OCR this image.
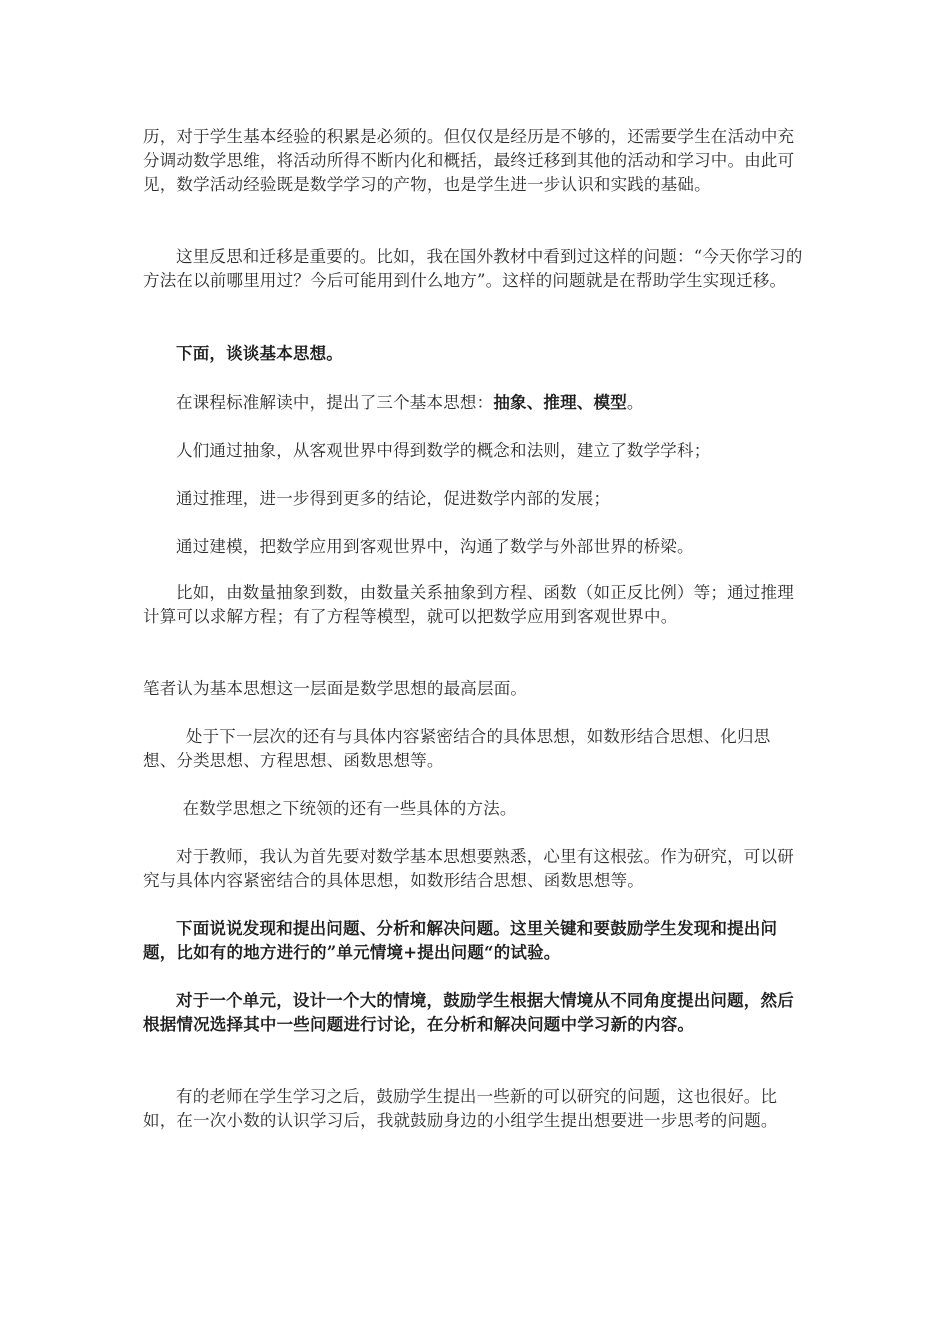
历，对于学生基本经验的积累是必须的。但仅仅是经历是不够的，还需要学生在活动中充分调动数学思维，将活动所得不断内化和概括，最终迁移到其他的活动和学习中。由此可见，数学活动经验既是数学学习的产物，也是学生进一步认识和实践的基础。

这里反思和迁移是重要的。比如，我在国外教材中看到过这样的问题：“今天你学习的方法在以前哪里用过？今后可能用到什么地方”。这样的问题就是在帮助学生实现迁移。

下面，谈谈基本思想。

在课程标准解读中，提出了三个基本思想：抽象、推理、模型。

人们通过抽象，从客观世界中得到数学的概念和法则，建立了数学学科；

通过推理，进一步得到更多的结论，促进数学内部的发展；

通过建模，把数学应用到客观世界中，沟通了数学与外部世界的桥梁。

比如，由数量抽象到数，由数量关系抽象到方程、函数（如正反比例）等；通过推理计算可以求解方程；有了方程等模型，就可以把数学应用到客观世界中。

笔者认为基本思想这一层面是数学思想的最高层面。

处于下一层次的还有与具体内容紧密结合的具体思想，如数形结合思想、化归思想、分类思想、方程思想、函数思想等。

在数学思想之下统领的还有一些具体的方法。

对于教师，我认为首先要对数学基本思想要熟悉，心里有这根弦。作为研究，可以研究与具体内容紧密结合的具体思想，如数形结合思想、函数思想等。

下面说说发现和提出问题、分析和解决问题。这里关键和要鼓励学生发现和提出问题，比如有的地方进行的”单元情境+提出问题“的试验。

对于一个单元，设计一个大的情境，鼓励学生根据大情境从不同角度提出问题，然后根据情况选择其中一些问题进行讨论，在分析和解决问题中学习新的内容。

有的老师在学生学习之后，鼓励学生提出一些新的可以研究的问题，这也很好。比如，在一次小数的认识学习后，我就鼓励身边的小组学生提出想要进一步思考的问题。
